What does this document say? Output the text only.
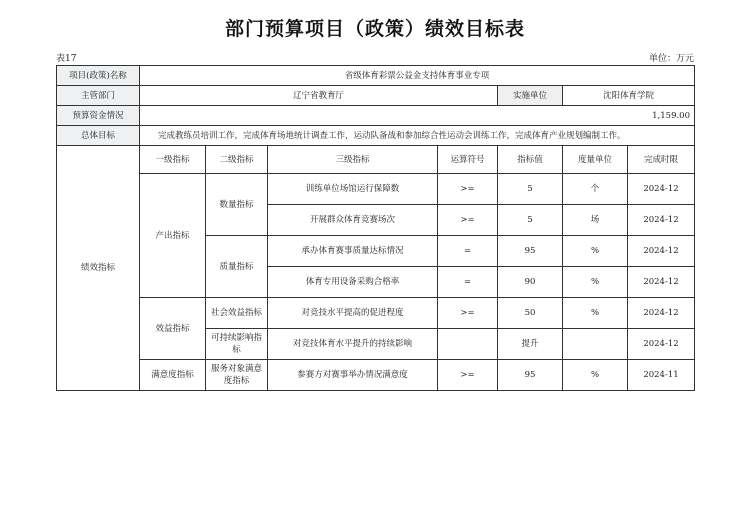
部门预算项目（政策）绩效目标表
表17	单位：万元
项目(政策)名称	省级体育彩票公益金支持体育事业专项						
主管部门	辽宁省教育厅				实施单位	沈阳体育学院	
预算资金情况	1,159.00						
总体目标	完成教练员培训工作，完成体育场地统计调查工作，运动队备战和参加综合性运动会训练工作，完成体育产业规划编制工作。						
绩效指标	一级指标	二级指标	三级指标	运算符号	指标值	度量单位	完成时限
	产出指标	数量指标	训练单位场馆运行保障数	>=	5	个	2024-12
			开展群众体育竞赛场次	>=	5	场	2024-12
		质量指标	承办体育赛事质量达标情况	=	95	%	2024-12
			体育专用设备采购合格率	=	90	%	2024-12
	效益指标	社会效益指标	对竞技水平提高的促进程度	>=	50	%	2024-12
		可持续影响指标	对竞技体育水平提升的持续影响		提升		2024-12
	满意度指标	服务对象满意度指标	参赛方对赛事举办情况满意度	>=	95	%	2024-11
